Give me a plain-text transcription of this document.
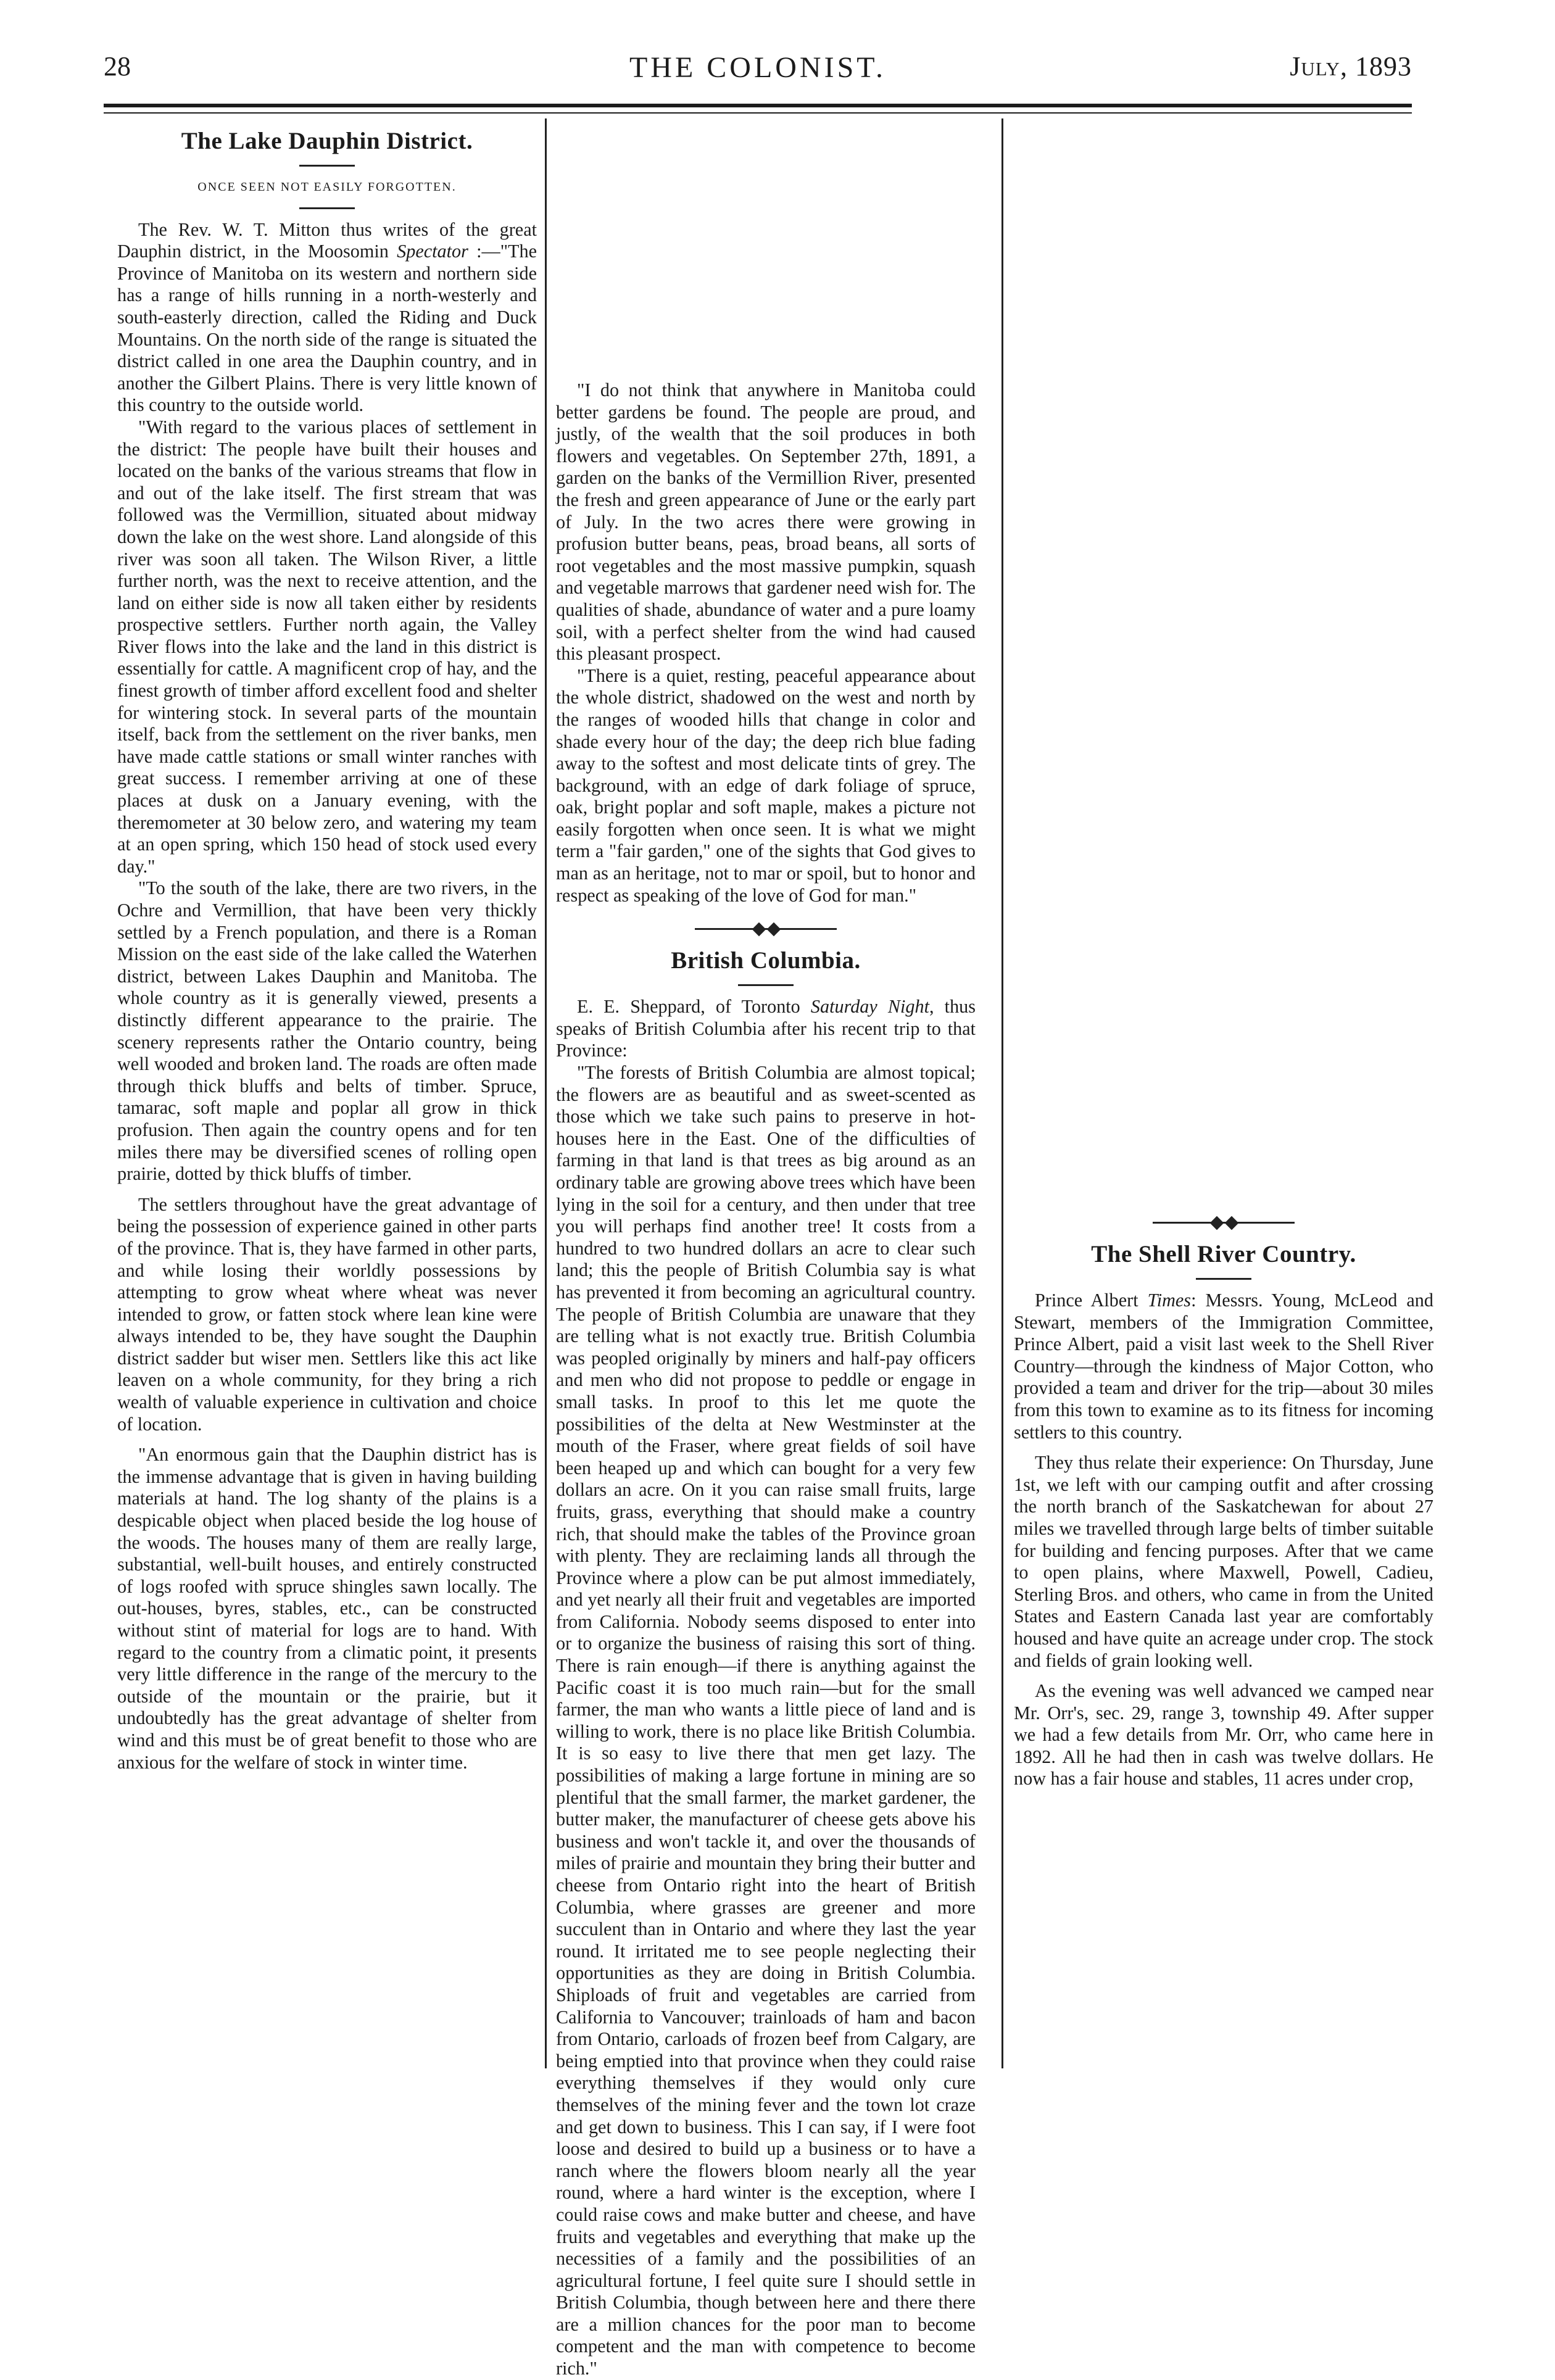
28	THE COLONIST.	July, 1893
The Lake Dauphin District.
ONCE SEEN NOT EASILY FORGOTTEN.

The Rev. W. T. Mitton thus writes of the great Dauphin district, in the Moosomin Spectator :—"The Province of Manitoba on its western and northern side has a range of hills running in a north-westerly and south-easterly direction, called the Riding and Duck Mountains. On the north side of the range is situated the district called in one area the Dauphin country, and in another the Gilbert Plains. There is very little known of this country to the outside world.

"With regard to the various places of settlement in the district: The people have built their houses and located on the banks of the various streams that flow in and out of the lake itself. The first stream that was followed was the Vermillion, situated about midway down the lake on the west shore. Land alongside of this river was soon all taken. The Wilson River, a little further north, was the next to receive attention, and the land on either side is now all taken either by residents prospective settlers. Further north again, the Valley River flows into the lake and the land in this district is essentially for cattle. A magnificent crop of hay, and the finest growth of timber afford excellent food and shelter for wintering stock. In several parts of the mountain itself, back from the settlement on the river banks, men have made cattle stations or small winter ranches with great success. I remember arriving at one of these places at dusk on a January evening, with the theremometer at 30 below zero, and watering my team at an open spring, which 150 head of stock used every day."

"To the south of the lake, there are two rivers, in the Ochre and Vermillion, that have been very thickly settled by a French population, and there is a Roman Mission on the east side of the lake called the Waterhen district, between Lakes Dauphin and Manitoba. The whole country as it is generally viewed, presents a distinctly different appearance to the prairie. The scenery represents rather the Ontario country, being well wooded and broken land. The roads are often made through thick bluffs and belts of timber. Spruce, tamarac, soft maple and poplar all grow in thick profusion. Then again the country opens and for ten miles there may be diversified scenes of rolling open prairie, dotted by thick bluffs of timber.

The settlers throughout have the great advantage of being the possession of experience gained in other parts of the province. That is, they have farmed in other parts, and while losing their worldly possessions by attempting to grow wheat where wheat was never intended to grow, or fatten stock where lean kine were always intended to be, they have sought the Dauphin district sadder but wiser men. Settlers like this act like leaven on a whole community, for they bring a rich wealth of valuable experience in cultivation and choice of location.

"An enormous gain that the Dauphin district has is the immense advantage that is given in having building materials at hand. The log shanty of the plains is a despicable object when placed beside the log house of the woods. The houses many of them are really large, substantial, well-built houses, and entirely constructed of logs roofed with spruce shingles sawn locally. The out-houses, byres, stables, etc., can be constructed without stint of material for logs are to hand. With regard to the country from a climatic point, it presents very little difference in the range of the mercury to the outside of the mountain or the prairie, but it undoubtedly has the great advantage of shelter from wind and this must be of great benefit to those who are anxious for the welfare of stock in winter time.

"I do not think that anywhere in Manitoba could better gardens be found. The people are proud, and justly, of the wealth that the soil produces in both flowers and vegetables. On September 27th, 1891, a garden on the banks of the Vermillion River, presented the fresh and green appearance of June or the early part of July. In the two acres there were growing in profusion butter beans, peas, broad beans, all sorts of root vegetables and the most massive pumpkin, squash and vegetable marrows that gardener need wish for. The qualities of shade, abundance of water and a pure loamy soil, with a perfect shelter from the wind had caused this pleasant prospect.

"There is a quiet, resting, peaceful appearance about the whole district, shadowed on the west and north by the ranges of wooded hills that change in color and shade every hour of the day; the deep rich blue fading away to the softest and most delicate tints of grey. The background, with an edge of dark foliage of spruce, oak, bright poplar and soft maple, makes a picture not easily forgotten when once seen. It is what we might term a "fair garden," one of the sights that God gives to man as an heritage, not to mar or spoil, but to honor and respect as speaking of the love of God for man."

British Columbia.

E. E. Sheppard, of Toronto Saturday Night, thus speaks of British Columbia after his recent trip to that Province:

"The forests of British Columbia are almost topical; the flowers are as beautiful and as sweet-scented as those which we take such pains to preserve in hot-houses here in the East. One of the difficulties of farming in that land is that trees as big around as an ordinary table are growing above trees which have been lying in the soil for a century, and then under that tree you will perhaps find another tree! It costs from a hundred to two hundred dollars an acre to clear such land; this the people of British Columbia say is what has prevented it from becoming an agricultural country. The people of British Columbia are unaware that they are telling what is not exactly true. British Columbia was peopled originally by miners and half-pay officers and men who did not propose to peddle or engage in small tasks. In proof to this let me quote the possibilities of the delta at New Westminster at the mouth of the Fraser, where great fields of soil have been heaped up and which can bought for a very few dollars an acre. On it you can raise small fruits, large fruits, grass, everything that should make a country rich, that should make the tables of the Province groan with plenty. They are reclaiming lands all through the Province where a plow can be put almost immediately, and yet nearly all their fruit and vegetables are imported from California. Nobody seems disposed to enter into or to organize the business of raising this sort of thing. There is rain enough—if there is anything against the Pacific coast it is too much rain—but for the small farmer, the man who wants a little piece of land and is willing to work, there is no place like British Columbia. It is so easy to live there that men get lazy. The possibilities of making a large fortune in mining are so plentiful that the small farmer, the market gardener, the butter maker, the manufacturer of cheese gets above his business and won't tackle it, and over the thousands of miles of prairie and mountain they bring their butter and cheese from Ontario right into the heart of British Columbia, where grasses are greener and more succulent than in Ontario and where they last the year round. It irritated me to see people neglecting their opportunities as they are doing in British Columbia. Shiploads of fruit and vegetables are carried from California to Vancouver; trainloads of ham and bacon from Ontario, carloads of frozen beef from Calgary, are being emptied into that province when they could raise everything themselves if they would only cure themselves of the mining fever and the town lot craze and get down to business. This I can say, if I were foot loose and desired to build up a business or to have a ranch where the flowers bloom nearly all the year round, where a hard winter is the exception, where I could raise cows and make butter and cheese, and have fruits and vegetables and everything that make up the necessities of a family and the possibilities of an agricultural fortune, I feel quite sure I should settle in British Columbia, though between here and there there are a million chances for the poor man to become competent and the man with competence to become rich."

The Shell River Country.

Prince Albert Times: Messrs. Young, McLeod and Stewart, members of the Immigration Committee, Prince Albert, paid a visit last week to the Shell River Country—through the kindness of Major Cotton, who provided a team and driver for the trip—about 30 miles from this town to examine as to its fitness for incoming settlers to this country.

They thus relate their experience: On Thursday, June 1st, we left with our camping outfit and after crossing the north branch of the Saskatchewan for about 27 miles we travelled through large belts of timber suitable for building and fencing purposes. After that we came to open plains, where Maxwell, Powell, Cadieu, Sterling Bros. and others, who came in from the United States and Eastern Canada last year are comfortably housed and have quite an acreage under crop. The stock and fields of grain looking well.

As the evening was well advanced we camped near Mr. Orr's, sec. 29, range 3, township 49. After supper we had a few details from Mr. Orr, who came here in 1892. All he had then in cash was twelve dollars. He now has a fair house and stables, 11 acres under crop,
